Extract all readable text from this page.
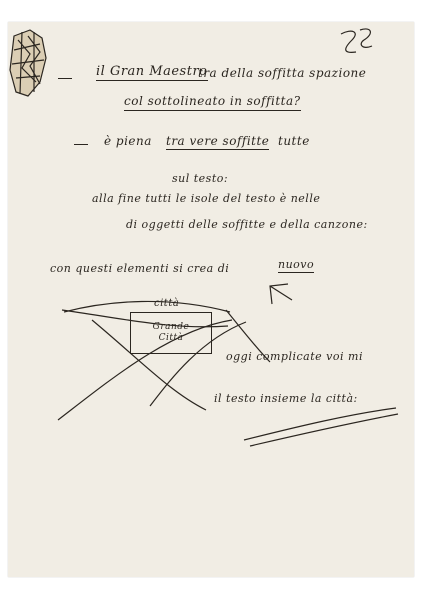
il Gran Maestro
tra della soffitta spazione
col sottolineato in soffitta?
è piena tra vere soffitte tutte
sul testo:
alla fine tutti le isole del testo è nelle
di oggetti delle soffitte e della canzone:
con questi elementi si crea di	nuovo
città
Grande Città
oggi complicate voi mi
il testo insieme la città:
